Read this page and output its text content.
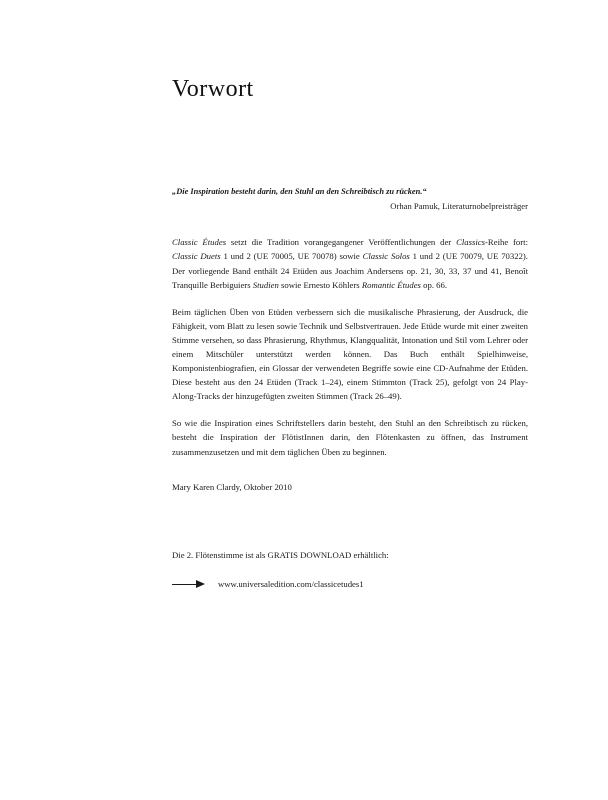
Vorwort
„Die Inspiration besteht darin, den Stuhl an den Schreibtisch zu rücken.“
Orhan Pamuk, Literaturnobelpreisträger

Classic Études setzt die Tradition vorangegangener Veröffentlichungen der Classics-Reihe fort: Classic Duets 1 und 2 (UE 70005, UE 70078) sowie Classic Solos 1 und 2 (UE 70079, UE 70322). Der vorliegende Band enthält 24 Etüden aus Joachim Andersens op. 21, 30, 33, 37 und 41, Benoît Tranquille Berbiguiers Studien sowie Ernesto Köhlers Romantic Études op. 66.

Beim täglichen Üben von Etüden verbessern sich die musikalische Phrasierung, der Ausdruck, die Fähigkeit, vom Blatt zu lesen sowie Technik und Selbstvertrauen. Jede Etüde wurde mit einer zweiten Stimme versehen, so dass Phrasierung, Rhythmus, Klangqualität, Intonation und Stil vom Lehrer oder einem Mitschüler unterstützt werden können. Das Buch enthält Spielhinweise, Komponistenbiografien, ein Glossar der verwendeten Begriffe sowie eine CD-Aufnahme der Etüden. Diese besteht aus den 24 Etüden (Track 1–24), einem Stimmton (Track 25), gefolgt von 24 Play-Along-Tracks der hinzugefügten zweiten Stimmen (Track 26–49).

So wie die Inspiration eines Schriftstellers darin besteht, den Stuhl an den Schreibtisch zu rücken, besteht die Inspiration der FlötistInnen darin, den Flötenkasten zu öffnen, das Instrument zusammenzusetzen und mit dem täglichen Üben zu beginnen.

Mary Karen Clardy, Oktober 2010
Die 2. Flötenstimme ist als GRATIS DOWNLOAD erhältlich:
www.universaledition.com/classicetudes1
